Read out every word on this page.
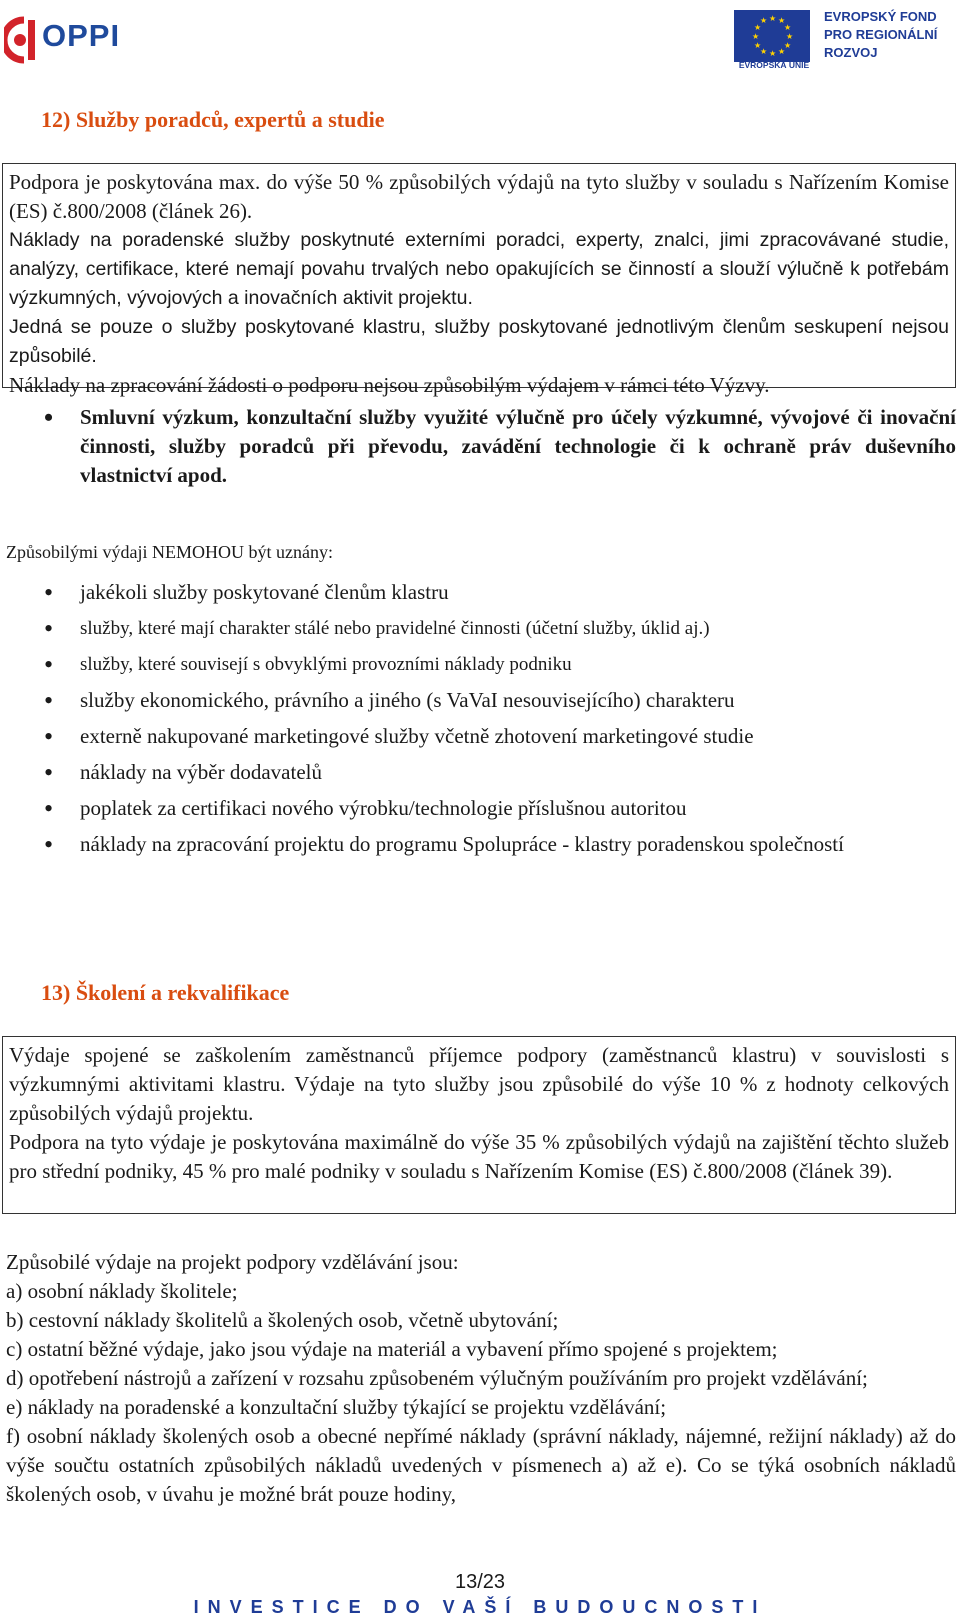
OPPI	★ ★
★
★
★
★
★
★
★
★
★
★
EVROPSKÁ UNIE
EVROPSKÝ FOND
PRO REGIONÁLNÍ
ROZVOJ
12) Služby poradců, expertů a studie

Podpora je poskytována max. do výše 50 % způsobilých výdajů na tyto služby v souladu s Nařízením Komise (ES) č.800/2008 (článek 26).

Náklady na poradenské služby poskytnuté externími poradci, experty, znalci, jimi zpracovávané studie, analýzy, certifikace, které nemají povahu trvalých nebo opakujících se činností a slouží výlučně k potřebám výzkumných, vývojových a inovačních aktivit projektu.

Jedná se pouze o služby poskytované klastru, služby poskytované jednotlivým členům seskupení nejsou způsobilé.

Náklady na zpracování žádosti o podporu nejsou způsobilým výdajem v rámci této Výzvy.

• Smluvní výzkum, konzultační služby využité výlučně pro účely výzkumné, vývojové či inovační činnosti, služby poradců při převodu, zavádění technologie či k ochraně práv duševního vlastnictví apod.
Způsobilými výdaji NEMOHOU být uznány:
• jakékoli služby poskytované členům klastru
• služby, které mají charakter stálé nebo pravidelné činnosti (účetní služby, úklid aj.)
• služby, které souvisejí s obvyklými provozními náklady podniku
• služby ekonomického, právního a jiného (s VaVaI nesouvisejícího) charakteru
• externě nakupované marketingové služby včetně zhotovení marketingové studie
• náklady na výběr dodavatelů
• poplatek za certifikaci nového výrobku/technologie příslušnou autoritou
• náklady na zpracování projektu do programu Spolupráce - klastry poradenskou společností
13) Školení a rekvalifikace

Výdaje spojené se zaškolením zaměstnanců příjemce podpory (zaměstnanců klastru) v souvislosti s výzkumnými aktivitami klastru. Výdaje na tyto služby jsou způsobilé do výše 10 % z hodnoty celkových způsobilých výdajů projektu.

Podpora na tyto výdaje je poskytována maximálně do výše 35 % způsobilých výdajů na zajištění těchto služeb pro střední podniky, 45 % pro malé podniky v souladu s Nařízením Komise (ES) č.800/2008 (článek 39).

Způsobilé výdaje na projekt podpory vzdělávání jsou:

a) osobní náklady školitele;

b) cestovní náklady školitelů a školených osob, včetně ubytování;

c) ostatní běžné výdaje, jako jsou výdaje na materiál a vybavení přímo spojené s projektem;

d) opotřebení nástrojů a zařízení v rozsahu způsobeném výlučným používáním pro projekt vzdělávání;

e) náklady na poradenské a konzultační služby týkající se projektu vzdělávání;

f) osobní náklady školených osob a obecné nepřímé náklady (správní náklady, nájemné, režijní náklady) až do výše součtu ostatních způsobilých nákladů uvedených v písmenech a) až e). Co se týká osobních nákladů školených osob, v úvahu je možné brát pouze hodiny,

13/23
INVESTICE DO VAŠÍ BUDOUCNOSTI
